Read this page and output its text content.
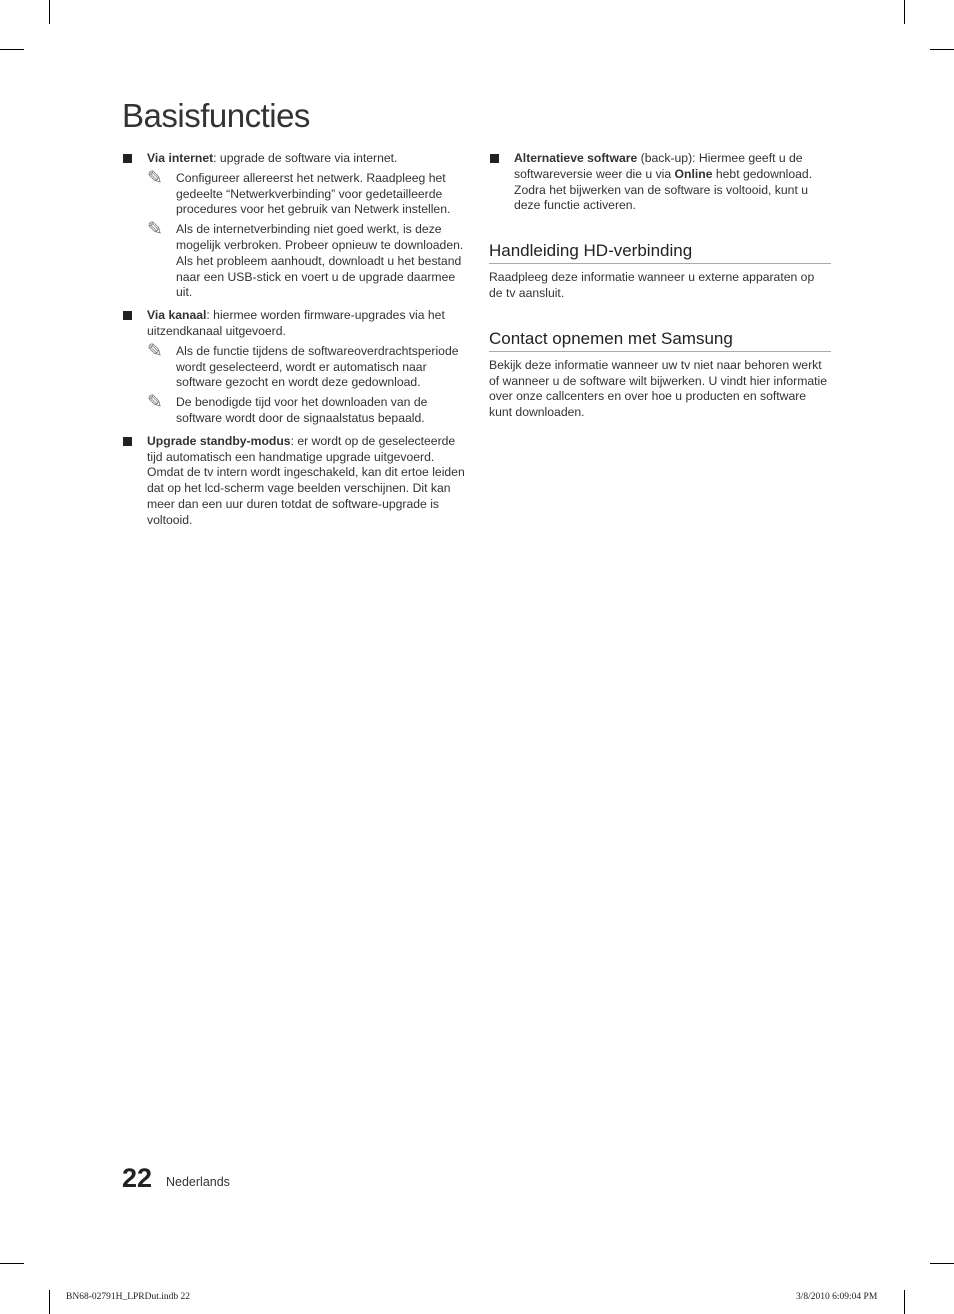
Basisfuncties
Via internet: upgrade de software via internet.
✎ Configureer allereerst het netwerk. Raadpleeg het gedeelte “Netwerkverbinding” voor gedetailleerde procedures voor het gebruik van Netwerk instellen.
✎ Als de internetverbinding niet goed werkt, is deze mogelijk verbroken. Probeer opnieuw te downloaden. Als het probleem aanhoudt, downloadt u het bestand naar een USB-stick en voert u de upgrade daarmee uit.
Via kanaal: hiermee worden firmware-upgrades via het uitzendkanaal uitgevoerd.
✎ Als de functie tijdens de softwareoverdrachtsperiode wordt geselecteerd, wordt er automatisch naar software gezocht en wordt deze gedownload.
✎ De benodigde tijd voor het downloaden van de software wordt door de signaalstatus bepaald.
Upgrade standby-modus: er wordt op de geselecteerde tijd automatisch een handmatige upgrade uitgevoerd. Omdat de tv intern wordt ingeschakeld, kan dit ertoe leiden dat op het lcd-scherm vage beelden verschijnen. Dit kan meer dan een uur duren totdat de software-upgrade is voltooid.
Alternatieve software (back-up): Hiermee geeft u de softwareversie weer die u via Online hebt gedownload. Zodra het bijwerken van de software is voltooid, kunt u deze functie activeren.
Handleiding HD-verbinding

Raadpleeg deze informatie wanneer u externe apparaten op de tv aansluit.

Contact opnemen met Samsung

Bekijk deze informatie wanneer uw tv niet naar behoren werkt of wanneer u de software wilt bijwerken. U vindt hier informatie over onze callcenters en over hoe u producten en software kunt downloaden.

22 Nederlands
BN68-02791H_LPRDut.indb 22	3/8/2010 6:09:04 PM
